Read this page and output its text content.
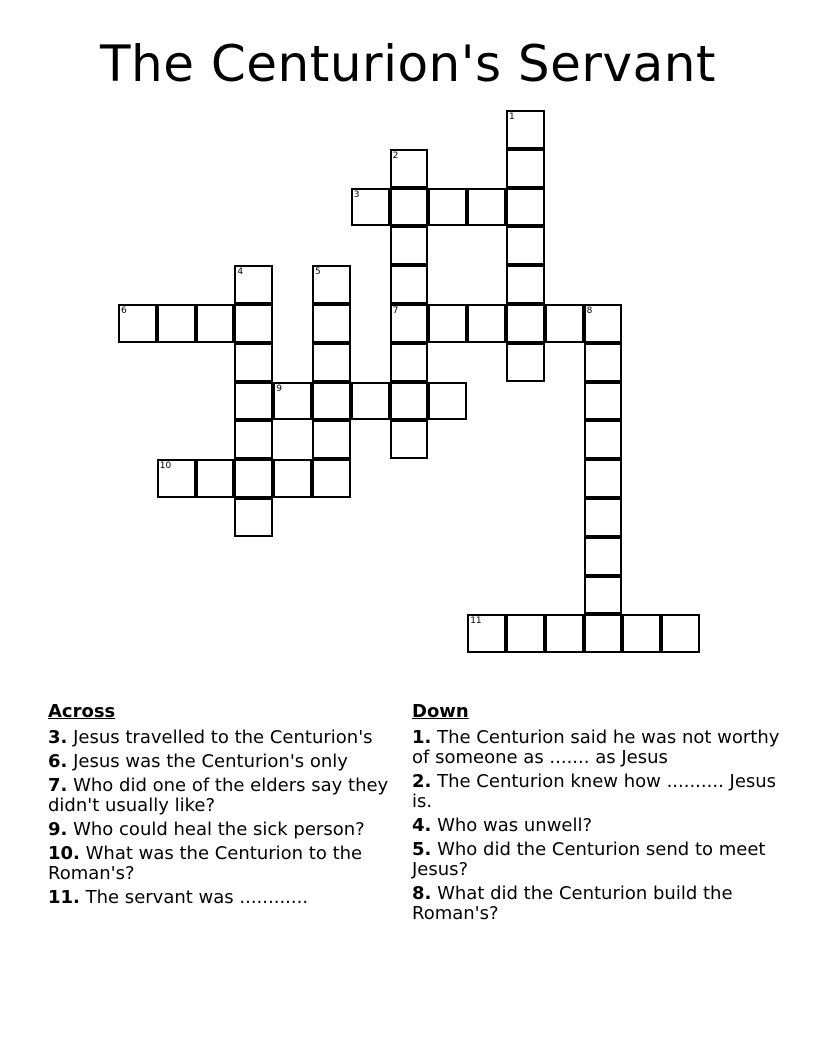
The Centurion's Servant
1
2
3
4	5
6	7	8
9
10
11
Across
3. Jesus travelled to the Centurion's
6. Jesus was the Centurion's only
7. Who did one of the elders say they didn't usually like?
9. Who could heal the sick person?
10. What was the Centurion to the Roman's?
11. The servant was ............
Down
1. The Centurion said he was not worthy of someone as ....... as Jesus
2. The Centurion knew how .......... Jesus is.
4. Who was unwell?
5. Who did the Centurion send to meet Jesus?
8. What did the Centurion build the Roman's?
